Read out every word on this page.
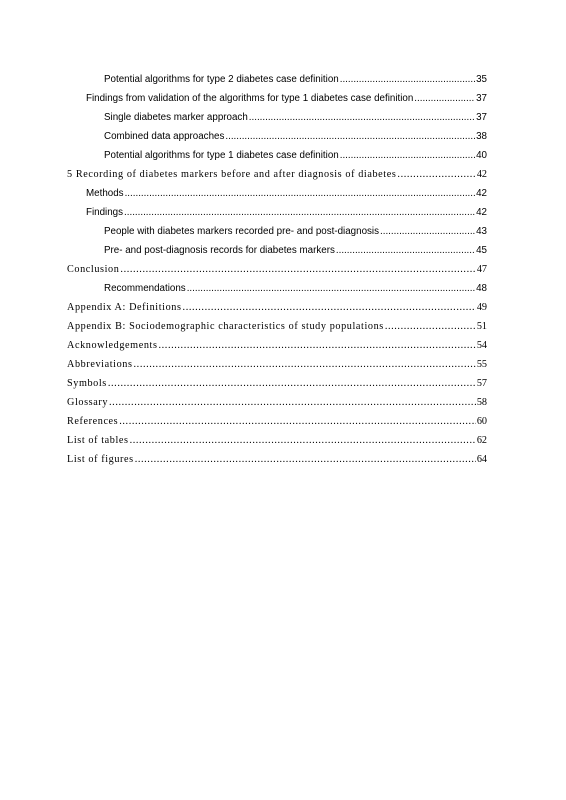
Potential algorithms for type 2 diabetes case definition .....	35
Findings from validation of the algorithms for type 1 diabetes case definition .....	37
Single diabetes marker approach .....	37
Combined data approaches .....	38
Potential algorithms for type 1 diabetes case definition .....	40
5 Recording of diabetes markers before and after diagnosis of diabetes .....	42
Methods .....	42
Findings .....	42
People with diabetes markers recorded pre- and post-diagnosis .....	43
Pre- and post-diagnosis records for diabetes markers .....	45
Conclusion .....	47
Recommendations .....	48
Appendix A: Definitions .....	49
Appendix B: Sociodemographic characteristics of study populations .....	51
Acknowledgements .....	54
Abbreviations .....	55
Symbols .....	57
Glossary .....	58
References .....	60
List of tables .....	62
List of figures .....	64
